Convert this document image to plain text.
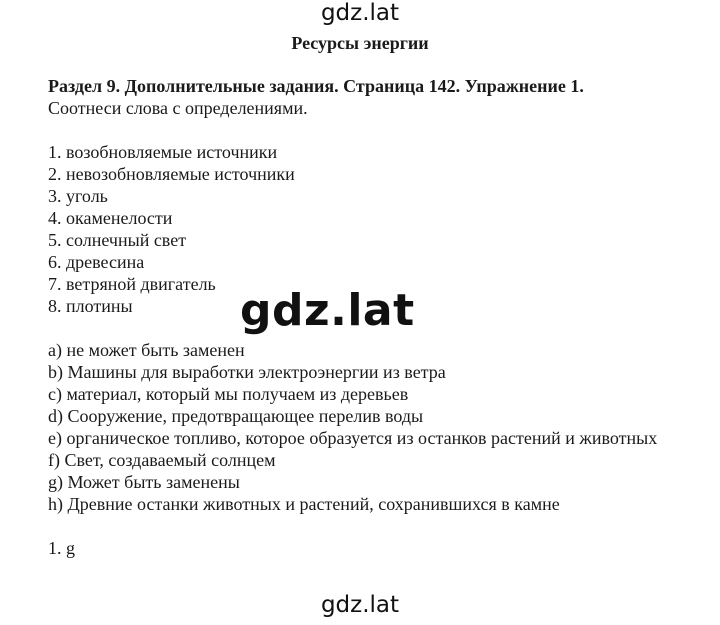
gdz.lat
Ресурсы энергии
Раздел 9. Дополнительные задания. Страница 142. Упражнение 1.
Соотнеси слова с определениями.
1. возобновляемые источники
2. невозобновляемые источники
3. уголь
4. окаменелости
5. солнечный свет
6. древесина
7. ветряной двигатель
8. плотины
a) не может быть заменен
b) Машины для выработки электроэнергии из ветра
c) материал, который мы получаем из деревьев
d) Сооружение, предотвращающее перелив воды
e) органическое топливо, которое образуется из останков растений и животных
f) Свет, создаваемый солнцем
g) Может быть заменены
h) Древние останки животных и растений, сохранившихся в камне
1. g
gdz.lat
gdz.lat
